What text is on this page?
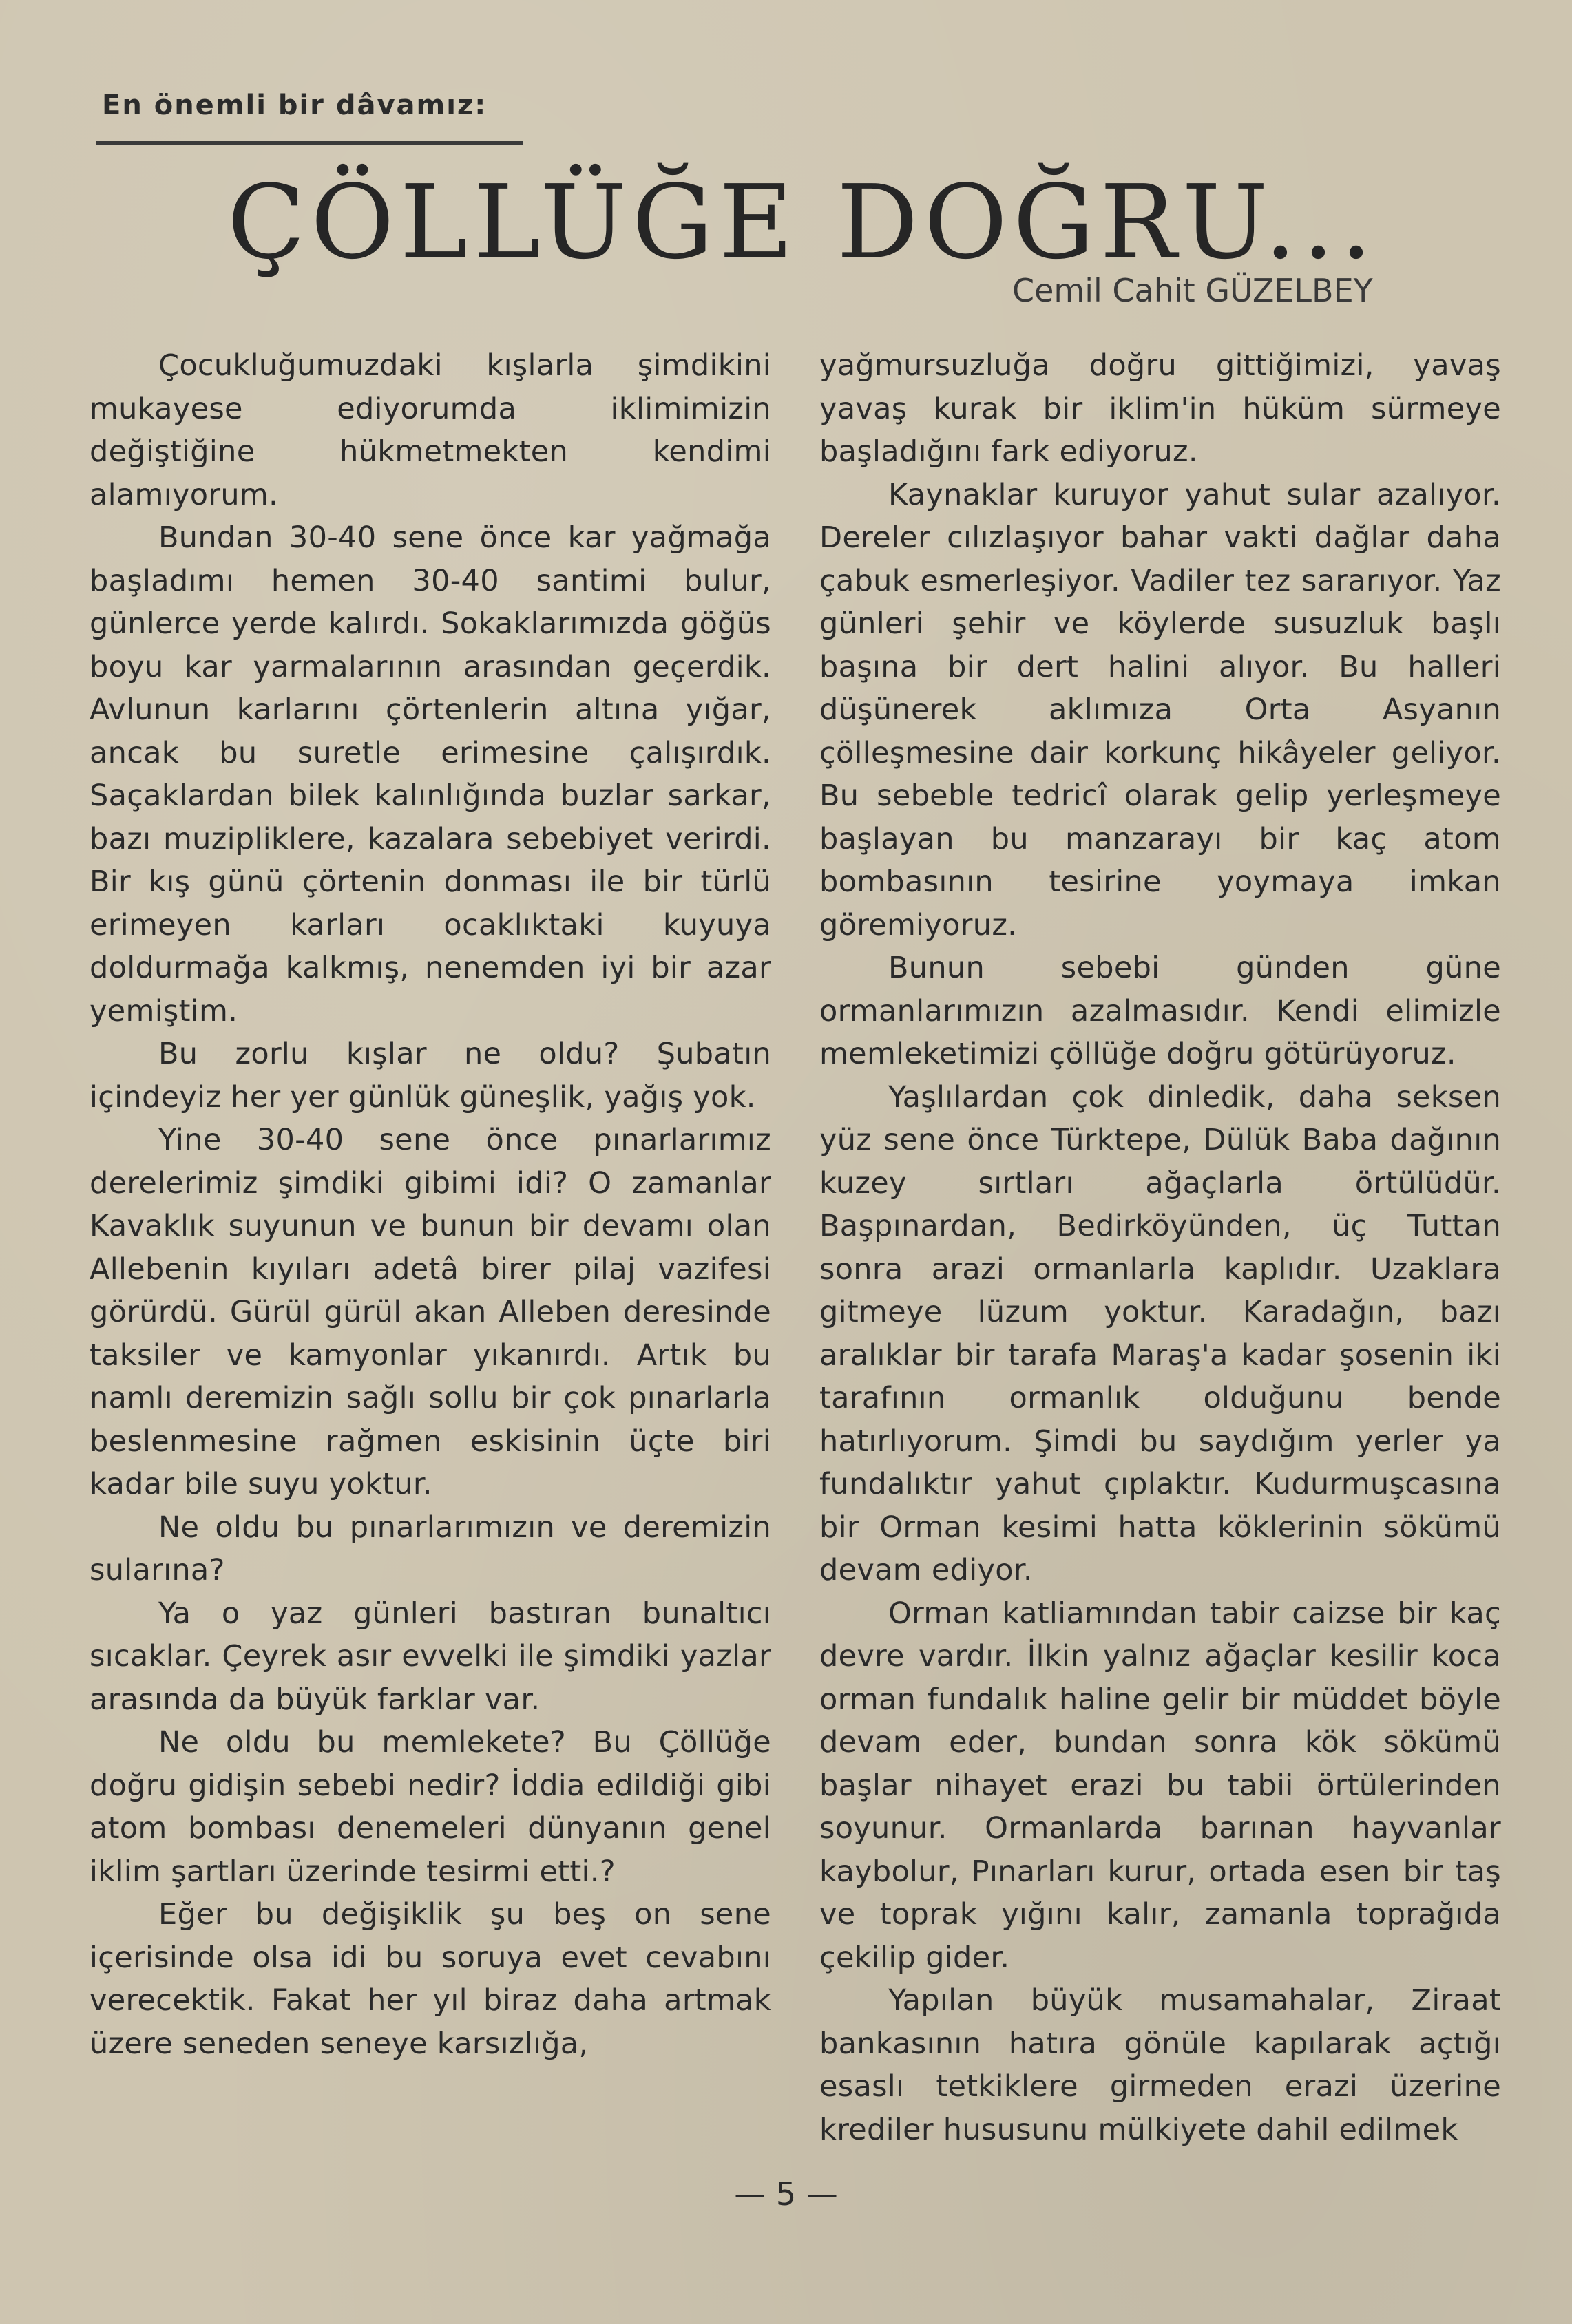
En önemli bir dâvamız:
ÇÖLLÜĞE DOĞRU...
Cemil Cahit GÜZELBEY

Çocukluğumuzdaki kışlarla şimdikini mukayese ediyorumda iklimimizin değiştiğine hükmetmekten kendimi alamıyorum.

Bundan 30-40 sene önce kar yağmağa başladımı hemen 30-40 santimi bulur, günlerce yerde kalırdı. Sokaklarımızda göğüs boyu kar yarmalarının arasından geçerdik. Avlunun karlarını çörtenlerin altına yığar, ancak bu suretle erimesine çalışırdık. Saçaklardan bilek kalınlığında buzlar sarkar, bazı muzipliklere, kazalara sebebiyet verirdi. Bir kış günü çörtenin donması ile bir türlü erimeyen karları ocaklıktaki kuyuya doldurmağa kalkmış, nenemden iyi bir azar yemiştim.

Bu zorlu kışlar ne oldu? Şubatın içindeyiz her yer günlük güneşlik, yağış yok.

Yine 30-40 sene önce pınarlarımız derelerimiz şimdiki gibimi idi? O zamanlar Kavaklık suyunun ve bunun bir devamı olan Allebenin kıyıları adetâ birer pilaj vazifesi görürdü. Gürül gürül akan Alleben deresinde taksiler ve kamyonlar yıkanırdı. Artık bu namlı deremizin sağlı sollu bir çok pınarlarla beslenmesine rağmen eskisinin üçte biri kadar bile suyu yoktur.

Ne oldu bu pınarlarımızın ve deremizin sularına?

Ya o yaz günleri bastıran bunaltıcı sıcaklar. Çeyrek asır evvelki ile şimdiki yazlar arasında da büyük farklar var.

Ne oldu bu memlekete? Bu Çöllüğe doğru gidişin sebebi nedir? İddia edildiği gibi atom bombası denemeleri dünyanın genel iklim şartları üzerinde tesirmi etti.?

Eğer bu değişiklik şu beş on sene içerisinde olsa idi bu soruya evet cevabını verecektik. Fakat her yıl biraz daha artmak üzere seneden seneye karsızlığa,

yağmursuzluğa doğru gittiğimizi, yavaş yavaş kurak bir iklim'in hüküm sürmeye başladığını fark ediyoruz.

Kaynaklar kuruyor yahut sular azalıyor. Dereler cılızlaşıyor bahar vakti dağlar daha çabuk esmerleşiyor. Vadiler tez sararıyor. Yaz günleri şehir ve köylerde susuzluk başlı başına bir dert halini alıyor. Bu halleri düşünerek aklımıza Orta Asyanın çölleşmesine dair korkunç hikâyeler geliyor. Bu sebeble tedricî olarak gelip yerleşmeye başlayan bu manzarayı bir kaç atom bombasının tesirine yoymaya imkan göremiyoruz.

Bunun sebebi günden güne ormanlarımızın azalmasıdır. Kendi elimizle memleketimizi çöllüğe doğru götürüyoruz.

Yaşlılardan çok dinledik, daha seksen yüz sene önce Türktepe, Dülük Baba dağının kuzey sırtları ağaçlarla örtülüdür. Başpınardan, Bedirköyünden, üç Tuttan sonra arazi ormanlarla kaplıdır. Uzaklara gitmeye lüzum yoktur. Karadağın, bazı aralıklar bir tarafa Maraş'a kadar şosenin iki tarafının ormanlık olduğunu bende hatırlıyorum. Şimdi bu saydığım yerler ya fundalıktır yahut çıplaktır. Kudurmuşcasına bir Orman kesimi hatta köklerinin sökümü devam ediyor.

Orman katliamından tabir caizse bir kaç devre vardır. İlkin yalnız ağaçlar kesilir koca orman fundalık haline gelir bir müddet böyle devam eder, bundan sonra kök sökümü başlar nihayet erazi bu tabii örtülerinden soyunur. Ormanlarda barınan hayvanlar kaybolur, Pınarları kurur, ortada esen bir taş ve toprak yığını kalır, zamanla toprağıda çekilip gider.

Yapılan büyük musamahalar, Ziraat bankasının hatıra gönüle kapılarak açtığı esaslı tetkiklere girmeden erazi üzerine krediler hususunu mülkiyete dahil edilmek

— 5 —
